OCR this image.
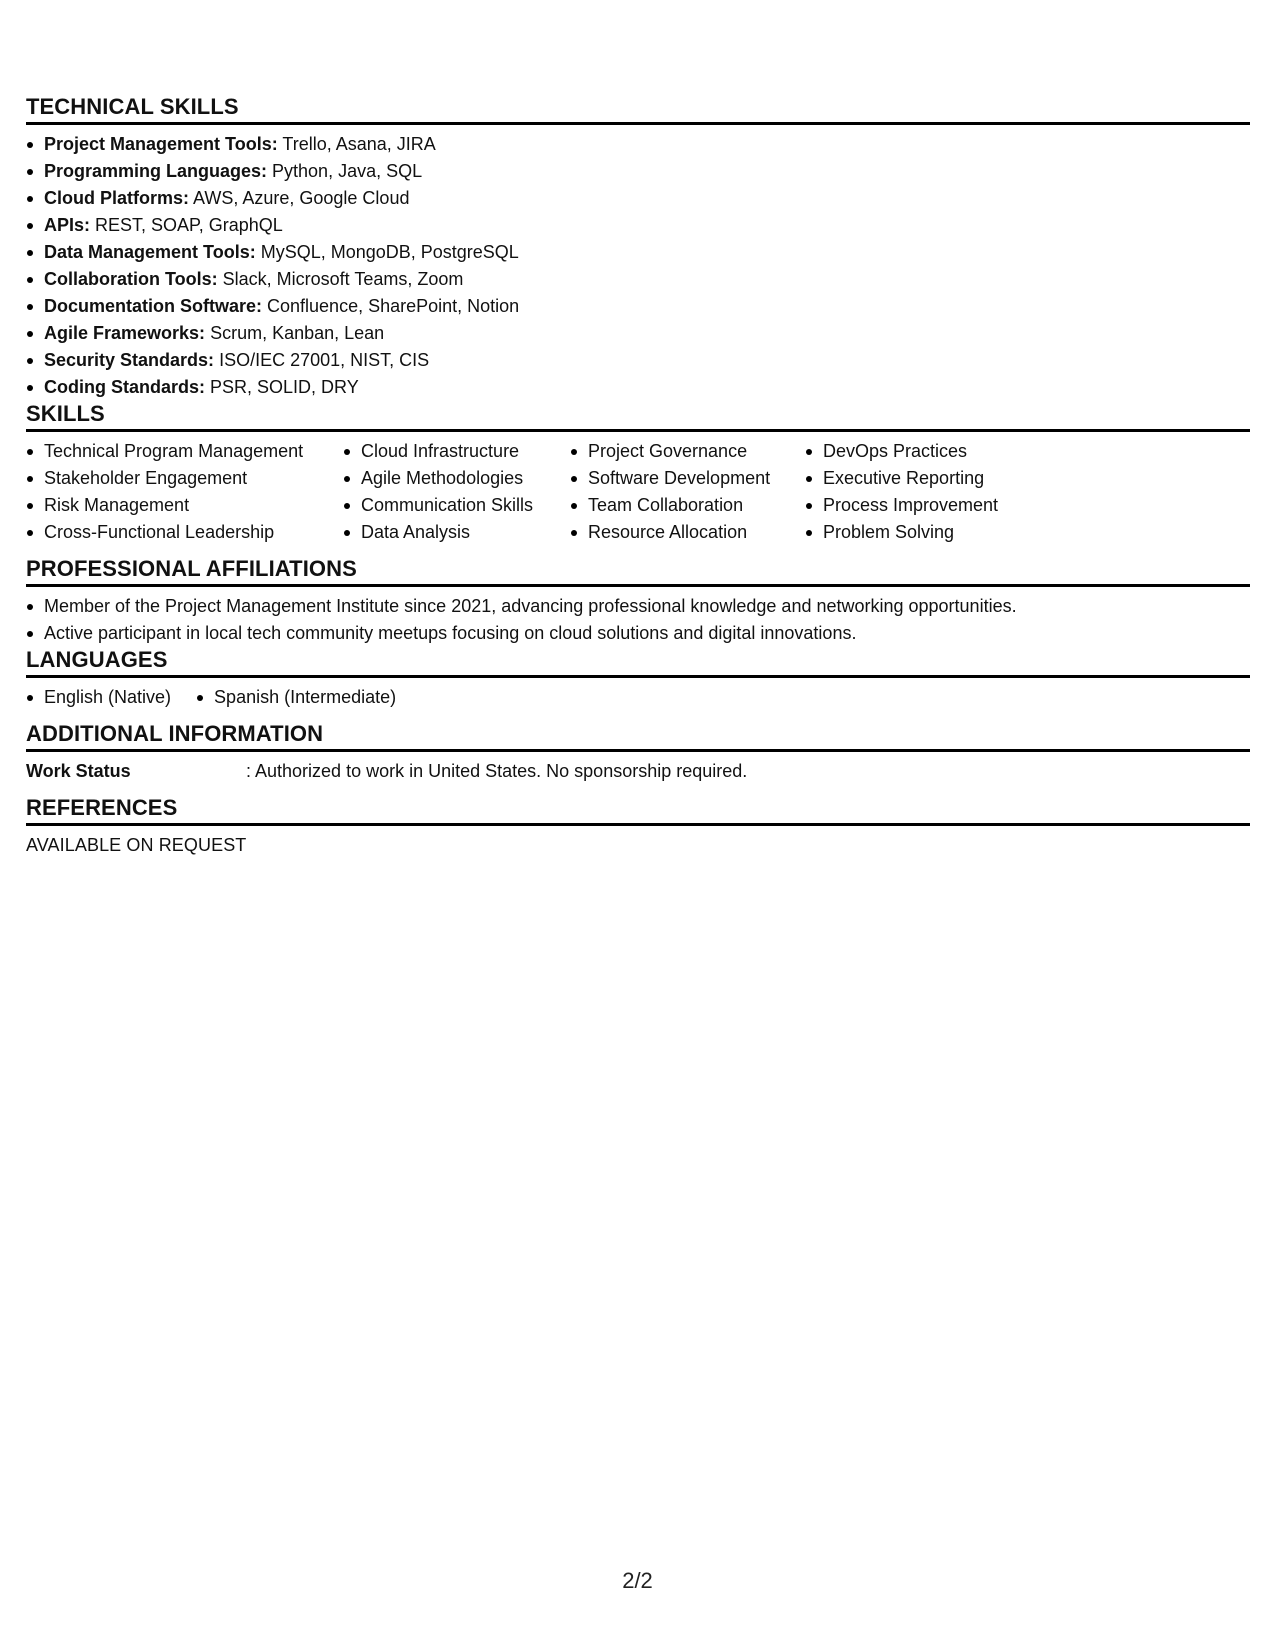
TECHNICAL SKILLS
Project Management Tools: Trello, Asana, JIRA
Programming Languages: Python, Java, SQL
Cloud Platforms: AWS, Azure, Google Cloud
APIs: REST, SOAP, GraphQL
Data Management Tools: MySQL, MongoDB, PostgreSQL
Collaboration Tools: Slack, Microsoft Teams, Zoom
Documentation Software: Confluence, SharePoint, Notion
Agile Frameworks: Scrum, Kanban, Lean
Security Standards: ISO/IEC 27001, NIST, CIS
Coding Standards: PSR, SOLID, DRY
SKILLS
Technical Program Management
Stakeholder Engagement
Risk Management
Cross-Functional Leadership
Cloud Infrastructure
Agile Methodologies
Communication Skills
Data Analysis
Project Governance
Software Development
Team Collaboration
Resource Allocation
DevOps Practices
Executive Reporting
Process Improvement
Problem Solving
PROFESSIONAL AFFILIATIONS
Member of the Project Management Institute since 2021, advancing professional knowledge and networking opportunities.
Active participant in local tech community meetups focusing on cloud solutions and digital innovations.
LANGUAGES
English (Native)	Spanish (Intermediate)
ADDITIONAL INFORMATION
Work Status	: Authorized to work in United States. No sponsorship required.
REFERENCES
AVAILABLE ON REQUEST
2/2
